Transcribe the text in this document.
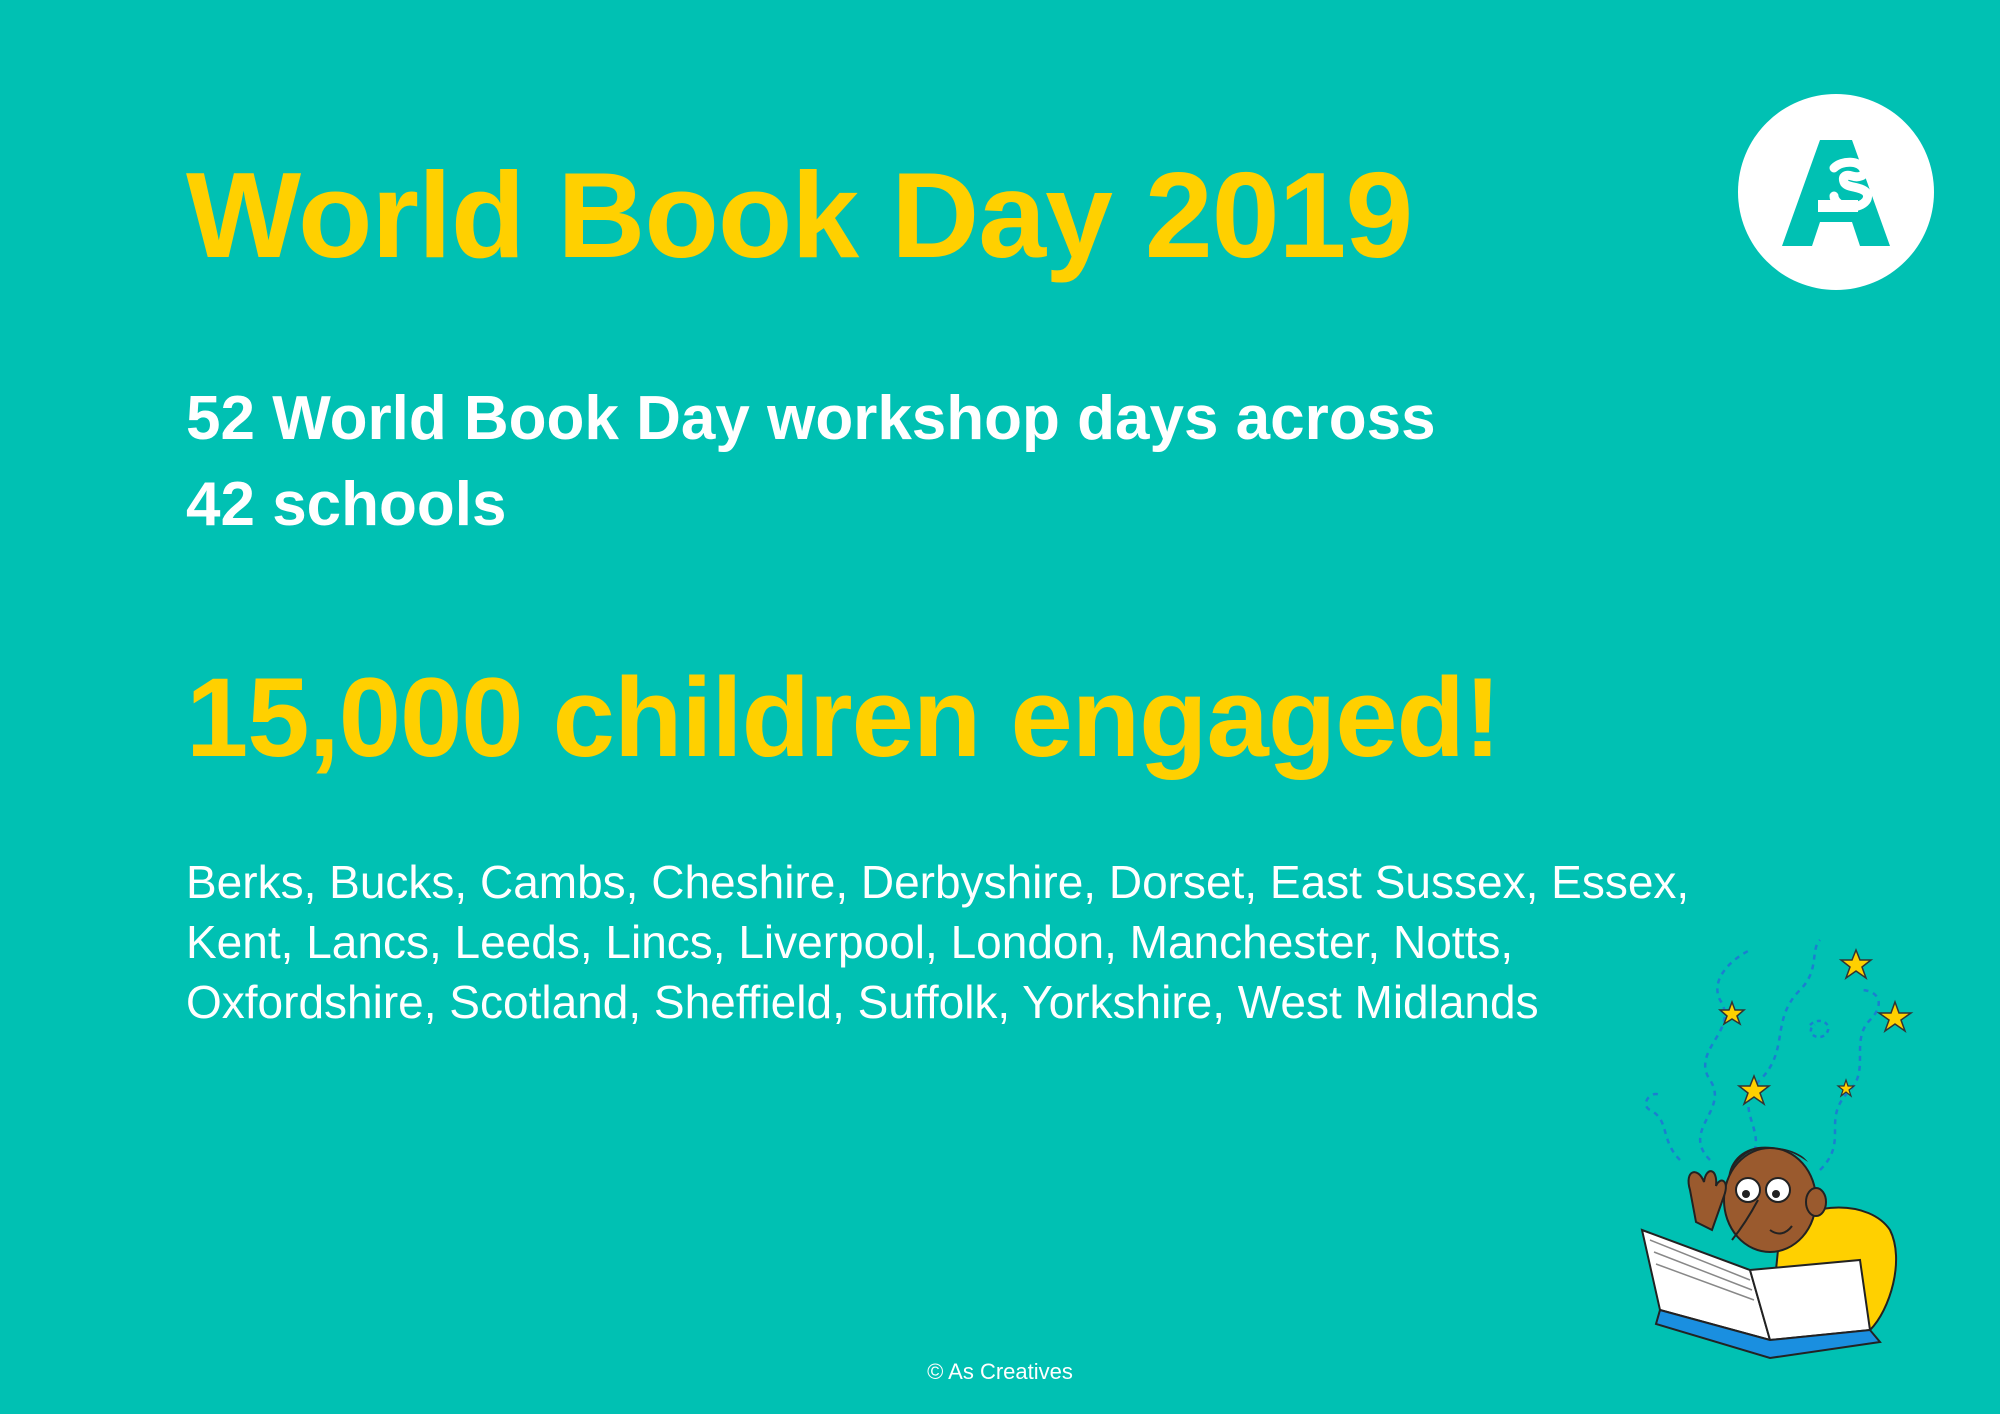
World Book Day 2019

52 World Book Day workshop days across
42 schools

15,000 children engaged!

Berks, Bucks, Cambs, Cheshire, Derbyshire, Dorset, East Sussex, Essex,
Kent, Lancs, Leeds, Lincs, Liverpool, London, Manchester, Notts,
Oxfordshire, Scotland, Sheffield, Suffolk, Yorkshire, West Midlands

© As Creatives
